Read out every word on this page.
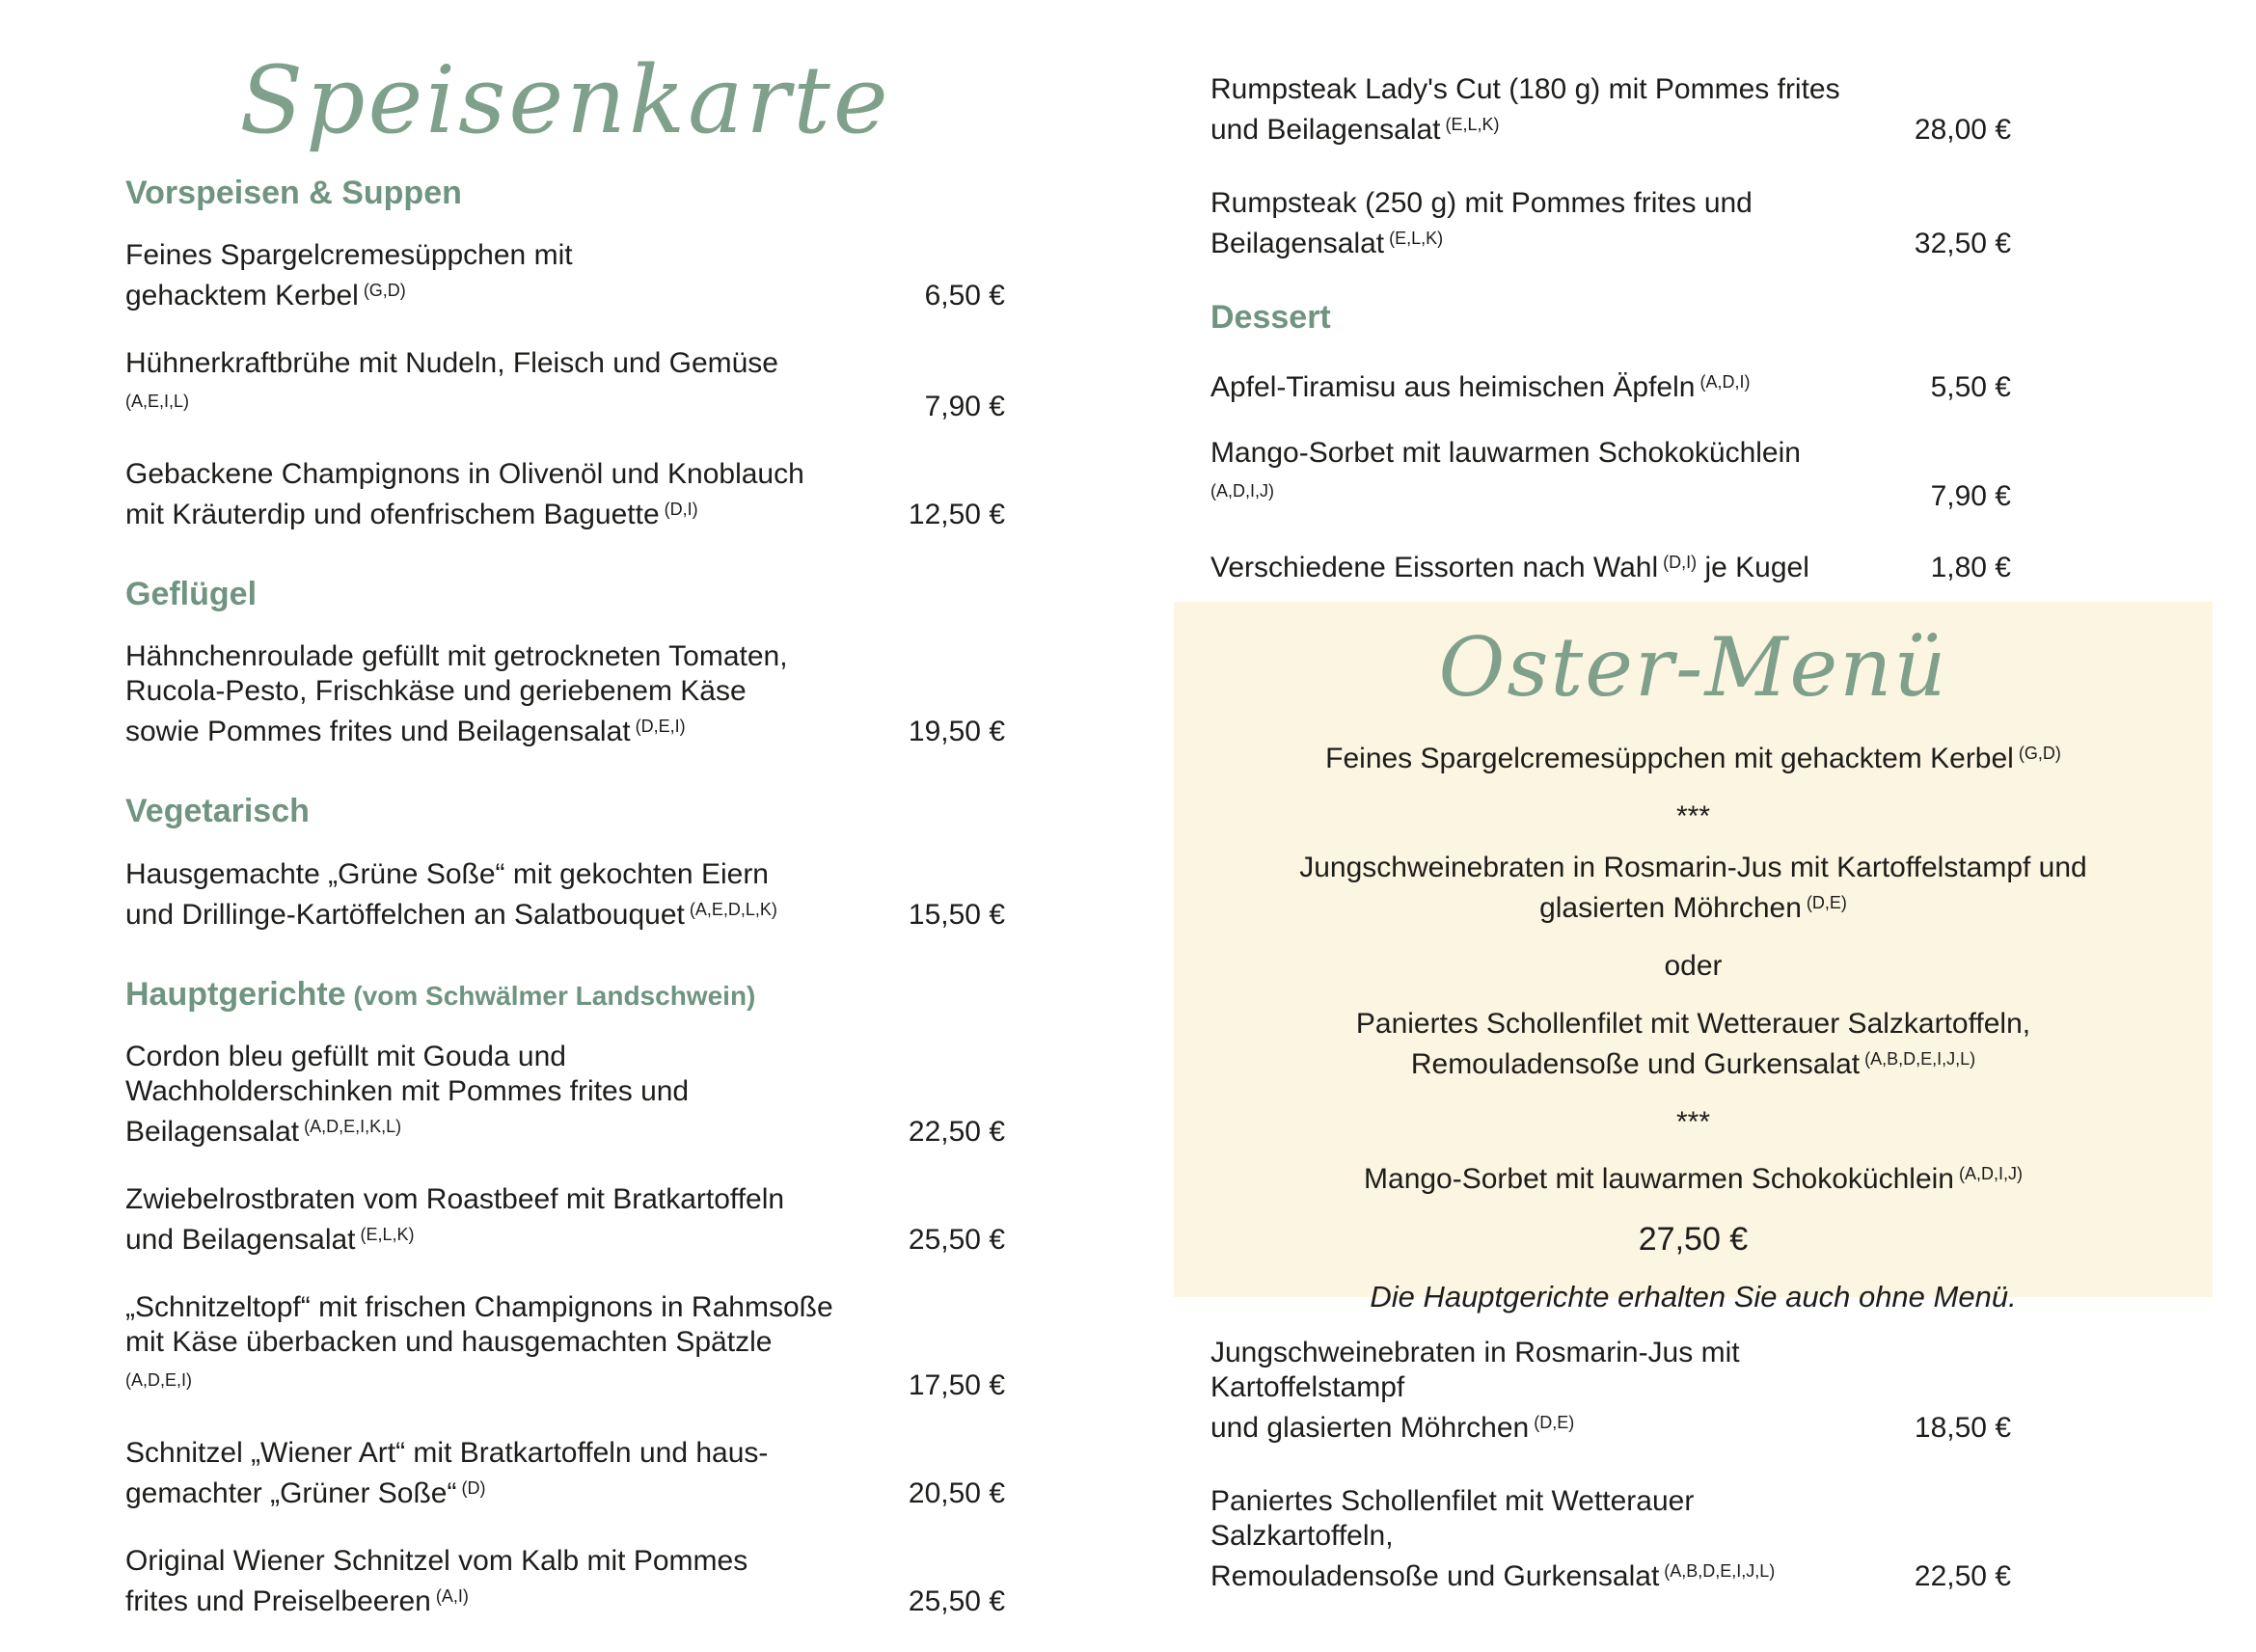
Speisenkarte
Vorspeisen & Suppen
Feines Spargelcremesüppchen mit
gehacktem Kerbel $^{(G,D)}$	6,50 €
Hühnerkraftbrühe mit Nudeln, Fleisch und Gemüse $^{(A,E,I,L)}$	7,90 €
Gebackene Champignons in Olivenöl und Knoblauch
mit Kräuterdip und ofenfrischem Baguette $^{(D,I)}$	12,50 €
Geflügel
Hähnchenroulade gefüllt mit getrockneten Tomaten,
Rucola-Pesto, Frischkäse und geriebenem Käse
sowie Pommes frites und Beilagensalat $^{(D,E,I)}$	19,50 €
Vegetarisch
Hausgemachte „Grüne Soße“ mit gekochten Eiern
und Drillinge-Kartöffelchen an Salatbouquet $^{(A,E,D,L,K)}$	15,50 €
Hauptgerichte (vom Schwälmer Landschwein)
Cordon bleu gefüllt mit Gouda und
Wachholderschinken mit Pommes frites und
Beilagensalat $^{(A,D,E,I,K,L)}$	22,50 €
Zwiebelrostbraten vom Roastbeef mit Bratkartoffeln
und Beilagensalat $^{(E,L,K)}$	25,50 €
„Schnitzeltopf“ mit frischen Champignons in Rahmsoße
mit Käse überbacken und hausgemachten Spätzle $^{(A,D,E,I)}$	17,50 €
Schnitzel „Wiener Art“ mit Bratkartoffeln und haus-
gemachter „Grüner Soße“ $^{(D)}$	20,50 €
Original Wiener Schnitzel vom Kalb mit Pommes
frites und Preiselbeeren $^{(A,I)}$	25,50 €
Rumpsteak Lady's Cut (180 g) mit Pommes frites
und Beilagensalat $^{(E,L,K)}$	28,00 €
Rumpsteak (250 g) mit Pommes frites und
Beilagensalat $^{(E,L,K)}$	32,50 €
Dessert
Apfel-Tiramisu aus heimischen Äpfeln $^{(A,D,I)}$	5,50 €
Mango-Sorbet mit lauwarmen Schokoküchlein $^{(A,D,I,J)}$	7,90 €
Verschiedene Eissorten nach Wahl $^{(D,I)}$ je Kugel	1,80 €
Oster-Menü
Feines Spargelcremesüppchen mit gehacktem Kerbel $^{(G,D)}$
***
Jungschweinebraten in Rosmarin-Jus mit Kartoffelstampf und
glasierten Möhrchen $^{(D,E)}$
oder
Paniertes Schollenfilet mit Wetterauer Salzkartoffeln,
Remouladensoße und Gurkensalat $^{(A,B,D,E,I,J,L)}$
***
Mango-Sorbet mit lauwarmen Schokoküchlein $^{(A,D,I,J)}$
27,50 €
Die Hauptgerichte erhalten Sie auch ohne Menü.
Jungschweinebraten in Rosmarin-Jus mit Kartoffelstampf
und glasierten Möhrchen $^{(D,E)}$	18,50 €
Paniertes Schollenfilet mit Wetterauer Salzkartoffeln,
Remouladensoße und Gurkensalat $^{(A,B,D,E,I,J,L)}$	22,50 €
